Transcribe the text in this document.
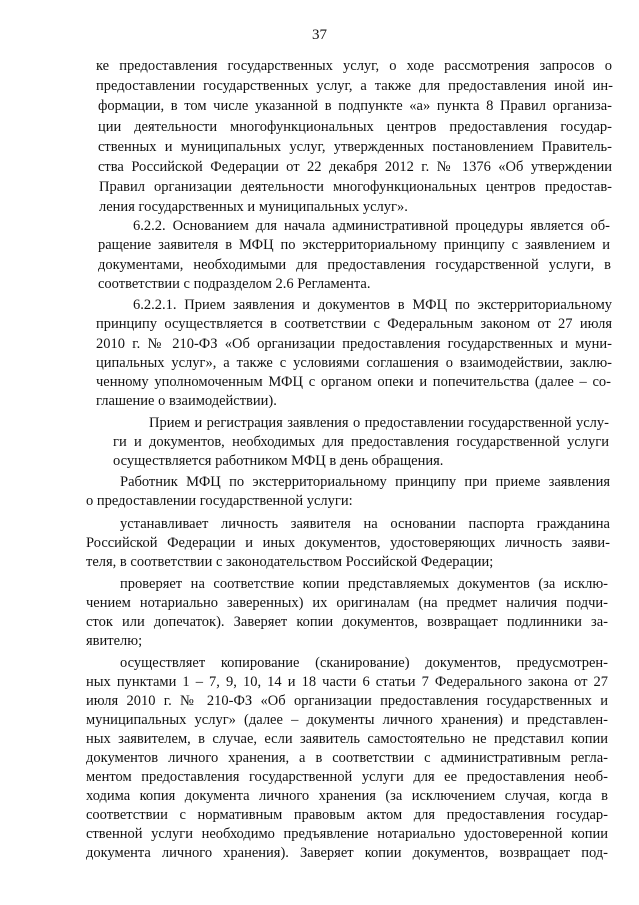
37
ке предоставления государственных услуг, о ходе рассмотрения запросов о
предоставлении государственных услуг, а также для предоставления иной ин-
формации, в том числе указанной в подпункте «а» пункта 8 Правил организа-
ции деятельности многофункциональных центров предоставления государ-
ственных и муниципальных услуг, утвержденных постановлением Правитель-
ства Российской Федерации от 22 декабря 2012 г. № 1376 «Об утверждении
Правил организации деятельности многофункциональных центров предостав-
ления государственных и муниципальных услуг».
6.2.2. Основанием для начала административной процедуры является об-
ращение заявителя в МФЦ по экстерриториальному принципу с заявлением и
документами, необходимыми для предоставления государственной услуги, в
соответствии с подразделом 2.6 Регламента.
6.2.2.1. Прием заявления и документов в МФЦ по экстерриториальному
принципу осуществляется в соответствии с Федеральным законом от 27 июля
2010 г. № 210-ФЗ «Об организации предоставления государственных и муни-
ципальных услуг», а также с условиями соглашения о взаимодействии, заклю-
ченному уполномоченным МФЦ с органом опеки и попечительства (далее – со-
глашение о взаимодействии).
Прием и регистрация заявления о предоставлении государственной услу-
ги и документов, необходимых для предоставления государственной услуги
осуществляется работником МФЦ в день обращения.
Работник МФЦ по экстерриториальному принципу при приеме заявления
о предоставлении государственной услуги:
устанавливает личность заявителя на основании паспорта гражданина
Российской Федерации и иных документов, удостоверяющих личность заяви-
теля, в соответствии с законодательством Российской Федерации;
проверяет на соответствие копии представляемых документов (за исклю-
чением нотариально заверенных) их оригиналам (на предмет наличия подчи-
сток или допечаток). Заверяет копии документов, возвращает подлинники за-
явителю;
осуществляет копирование (сканирование) документов, предусмотрен-
ных пунктами 1 – 7, 9, 10, 14 и 18 части 6 статьи 7 Федерального закона от 27
июля 2010 г. № 210-ФЗ «Об организации предоставления государственных и
муниципальных услуг» (далее – документы личного хранения) и представлен-
ных заявителем, в случае, если заявитель самостоятельно не представил копии
документов личного хранения, а в соответствии с административным регла-
ментом предоставления государственной услуги для ее предоставления необ-
ходима копия документа личного хранения (за исключением случая, когда в
соответствии с нормативным правовым актом для предоставления государ-
ственной услуги необходимо предъявление нотариально удостоверенной копии
документа личного хранения). Заверяет копии документов, возвращает под-
